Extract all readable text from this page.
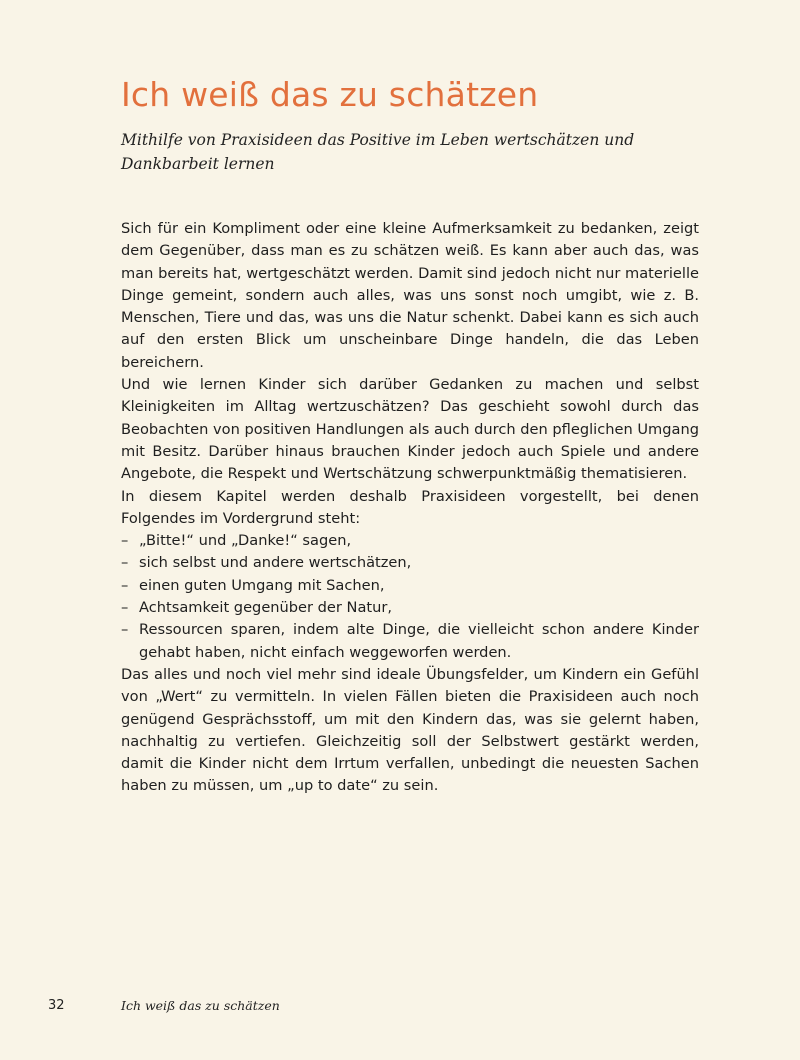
Ich weiß das zu schätzen

Mithilfe von Praxisideen das Positive im Leben wertschätzen und Dankbarbeit lernen

Sich für ein Kompliment oder eine kleine Aufmerksamkeit zu bedanken, zeigt dem Gegenüber, dass man es zu schätzen weiß. Es kann aber auch das, was man bereits hat, wertgeschätzt werden. Damit sind jedoch nicht nur materielle Dinge gemeint, sondern auch alles, was uns sonst noch umgibt, wie z. B. Menschen, Tiere und das, was uns die Natur schenkt. Dabei kann es sich auch auf den ersten Blick um unscheinbare Dinge handeln, die das Leben bereichern.

Und wie lernen Kinder sich darüber Gedanken zu machen und selbst Kleinigkeiten im Alltag wertzuschätzen? Das geschieht sowohl durch das Beobachten von positiven Handlungen als auch durch den pfleglichen Umgang mit Besitz. Darüber hinaus brauchen Kinder jedoch auch Spiele und andere Angebote, die Respekt und Wertschätzung schwerpunktmäßig thematisieren.

In diesem Kapitel werden deshalb Praxisideen vorgestellt, bei denen Folgendes im Vordergrund steht:

– „Bitte!“ und „Danke!“ sagen,
– sich selbst und andere wertschätzen,
– einen guten Umgang mit Sachen,
– Achtsamkeit gegenüber der Natur,
– Ressourcen sparen, indem alte Dinge, die vielleicht schon andere Kinder gehabt haben, nicht einfach weggeworfen werden.

Das alles und noch viel mehr sind ideale Übungsfelder, um Kindern ein Gefühl von „Wert“ zu vermitteln. In vielen Fällen bieten die Praxisideen auch noch genügend Gesprächsstoff, um mit den Kindern das, was sie gelernt haben, nachhaltig zu vertiefen. Gleichzeitig soll der Selbstwert gestärkt werden, damit die Kinder nicht dem Irrtum verfallen, unbedingt die neuesten Sachen haben zu müssen, um „up to date“ zu sein.

32	Ich weiß das zu schätzen
